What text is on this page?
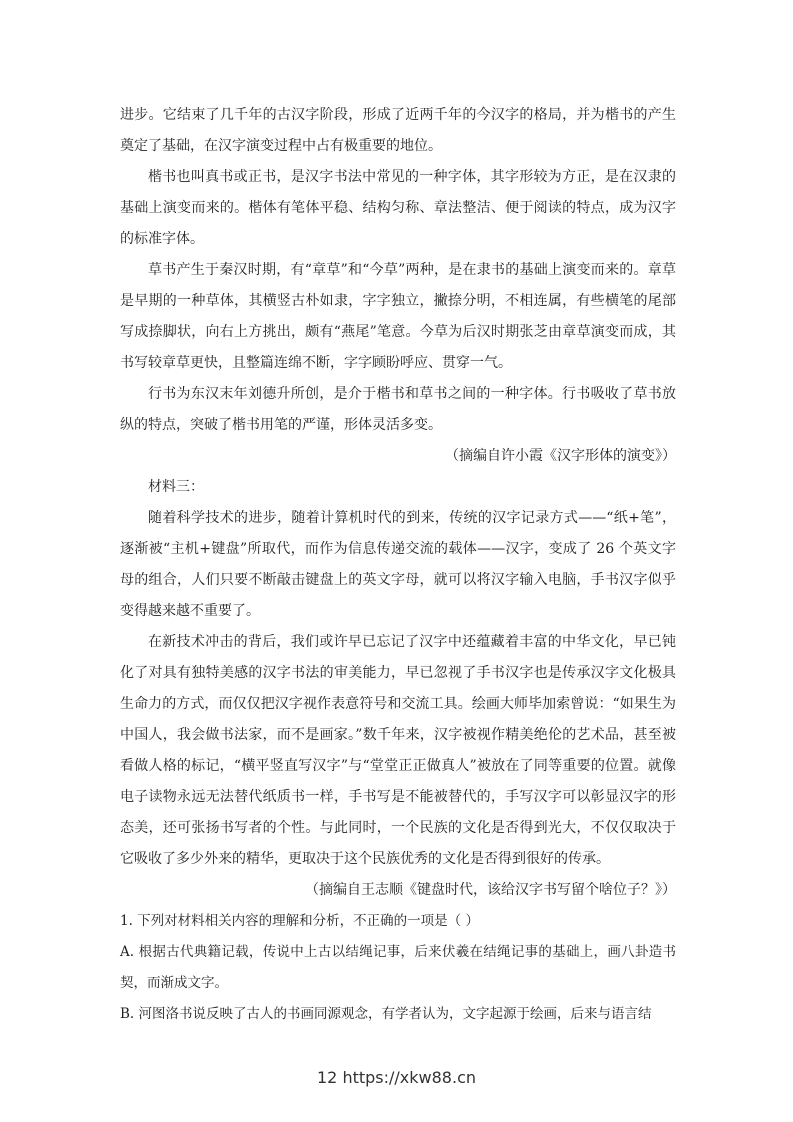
进步。它结束了几千年的古汉字阶段，形成了近两千年的今汉字的格局，并为楷书的产生奠定了基础，在汉字演变过程中占有极重要的地位。

楷书也叫真书或正书，是汉字书法中常见的一种字体，其字形较为方正，是在汉隶的基础上演变而来的。楷体有笔体平稳、结构匀称、章法整洁、便于阅读的特点，成为汉字的标准字体。

草书产生于秦汉时期，有“章草”和“今草”两种，是在隶书的基础上演变而来的。章草是早期的一种草体，其横竖古朴如隶，字字独立，撇捺分明，不相连属，有些横笔的尾部写成捺脚状，向右上方挑出，颇有“燕尾”笔意。今草为后汉时期张芝由章草演变而成，其书写较章草更快，且整篇连绵不断，字字顾盼呼应、贯穿一气。

行书为东汉末年刘德升所创，是介于楷书和草书之间的一种字体。行书吸收了草书放纵的特点，突破了楷书用笔的严谨，形体灵活多变。

（摘编自许小霞《汉字形体的演变》）

材料三：

随着科学技术的进步，随着计算机时代的到来，传统的汉字记录方式——“纸+笔”，逐渐被“主机+键盘”所取代，而作为信息传递交流的载体——汉字，变成了 26 个英文字母的组合，人们只要不断敲击键盘上的英文字母，就可以将汉字输入电脑，手书汉字似乎变得越来越不重要了。

在新技术冲击的背后，我们或许早已忘记了汉字中还蕴藏着丰富的中华文化，早已钝化了对具有独特美感的汉字书法的审美能力，早已忽视了手书汉字也是传承汉字文化极具生命力的方式，而仅仅把汉字视作表意符号和交流工具。绘画大师毕加索曾说：“如果生为中国人，我会做书法家，而不是画家。”数千年来，汉字被视作精美绝伦的艺术品，甚至被看做人格的标记，“横平竖直写汉字”与“堂堂正正做真人”被放在了同等重要的位置。就像电子读物永远无法替代纸质书一样，手书写是不能被替代的，手写汉字可以彰显汉字的形态美，还可张扬书写者的个性。与此同时，一个民族的文化是否得到光大，不仅仅取决于它吸收了多少外来的精华，更取决于这个民族优秀的文化是否得到很好的传承。

（摘编自王志顺《键盘时代，该给汉字书写留个啥位子？》）

1. 下列对材料相关内容的理解和分析，不正确的一项是（ ）

A. 根据古代典籍记载，传说中上古以结绳记事，后来伏羲在结绳记事的基础上，画八卦造书契，而渐成文字。

B. 河图洛书说反映了古人的书画同源观念，有学者认为，文字起源于绘画，后来与语言结

12 https://xkw88.cn
